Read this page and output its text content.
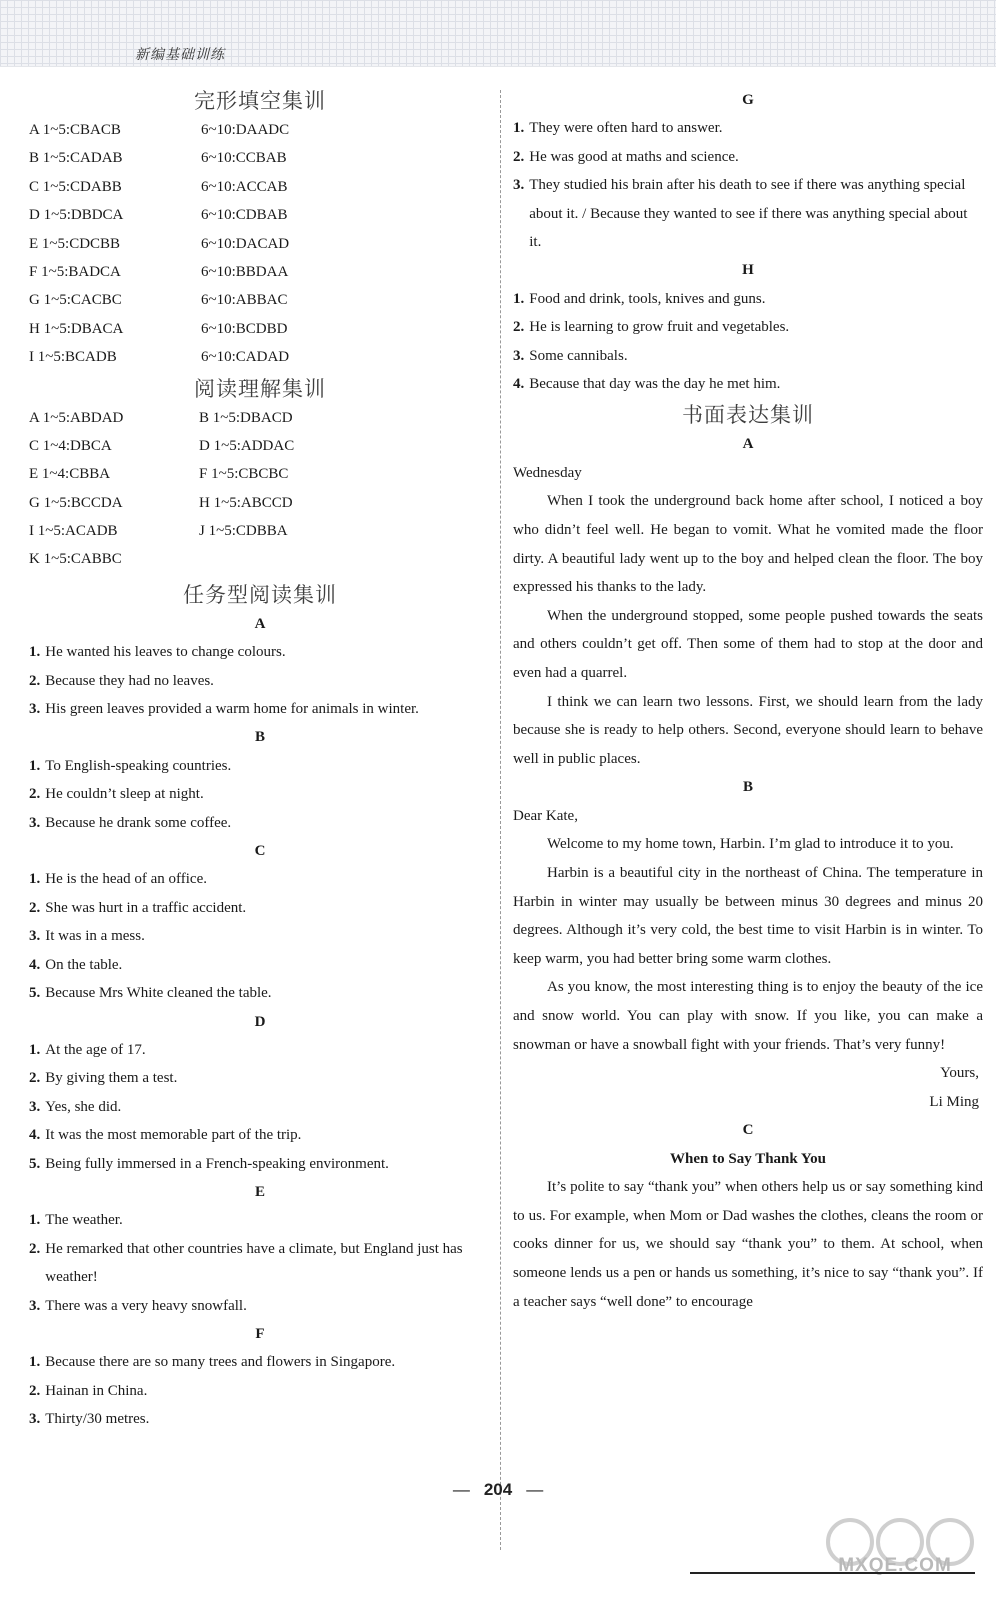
新编基础训练
完形填空集训
A 1~5:CBACB	6~10:DAADC
B 1~5:CADAB	6~10:CCBAB
C 1~5:CDABB	6~10:ACCAB
D 1~5:DBDCA	6~10:CDBAB
E 1~5:CDCBB	6~10:DACAD
F 1~5:BADCA	6~10:BBDAA
G 1~5:CACBC	6~10:ABBAC
H 1~5:DBACA	6~10:BCDBD
I 1~5:BCADB	6~10:CADAD
阅读理解集训
A 1~5:ABDAD	B 1~5:DBACD
C 1~4:DBCA	D 1~5:ADDAC
E 1~4:CBBA	F 1~5:CBCBC
G 1~5:BCCDA	H 1~5:ABCCD
I 1~5:ACADB	J 1~5:CDBBA
K 1~5:CABBC
任务型阅读集训
A
1. He wanted his leaves to change colours.
2. Because they had no leaves.
3. His green leaves provided a warm home for animals in winter.
B
1. To English-speaking countries.
2. He couldn’t sleep at night.
3. Because he drank some coffee.
C
1. He is the head of an office.
2. She was hurt in a traffic accident.
3. It was in a mess.
4. On the table.
5. Because Mrs White cleaned the table.
D
1. At the age of 17.
2. By giving them a test.
3. Yes, she did.
4. It was the most memorable part of the trip.
5. Being fully immersed in a French-speaking environment.
E
1. The weather.
2. He remarked that other countries have a climate, but England just has weather!
3. There was a very heavy snowfall.
F
1. Because there are so many trees and flowers in Singapore.
2. Hainan in China.
3. Thirty/30 metres.
G
1. They were often hard to answer.
2. He was good at maths and science.
3. They studied his brain after his death to see if there was anything special about it. / Because they wanted to see if there was anything special about it.
H
1. Food and drink, tools, knives and guns.
2. He is learning to grow fruit and vegetables.
3. Some cannibals.
4. Because that day was the day he met him.
书面表达集训
A
Wednesday
When I took the underground back home after school, I noticed a boy who didn’t feel well. He began to vomit. What he vomited made the floor dirty. A beautiful lady went up to the boy and helped clean the floor. The boy expressed his thanks to the lady.
When the underground stopped, some people pushed towards the seats and others couldn’t get off. Then some of them had to stop at the door and even had a quarrel.
I think we can learn two lessons. First, we should learn from the lady because she is ready to help others. Second, everyone should learn to behave well in public places.
B
Dear Kate,
Welcome to my home town, Harbin. I’m glad to introduce it to you.
Harbin is a beautiful city in the northeast of China. The temperature in Harbin in winter may usually be between minus 30 degrees and minus 20 degrees. Although it’s very cold, the best time to visit Harbin is in winter. To keep warm, you had better bring some warm clothes.
As you know, the most interesting thing is to enjoy the beauty of the ice and snow world. You can play with snow. If you like, you can make a snowman or have a snowball fight with your friends. That’s very funny!
Yours,
Li Ming
C
When to Say Thank You
It’s polite to say “thank you” when others help us or say something kind to us. For example, when Mom or Dad washes the clothes, cleans the room or cooks dinner for us, we should say “thank you” to them. At school, when someone lends us a pen or hands us something, it’s nice to say “thank you”. If a teacher says “well done” to encourage
— 204 —
MXQE.COM
